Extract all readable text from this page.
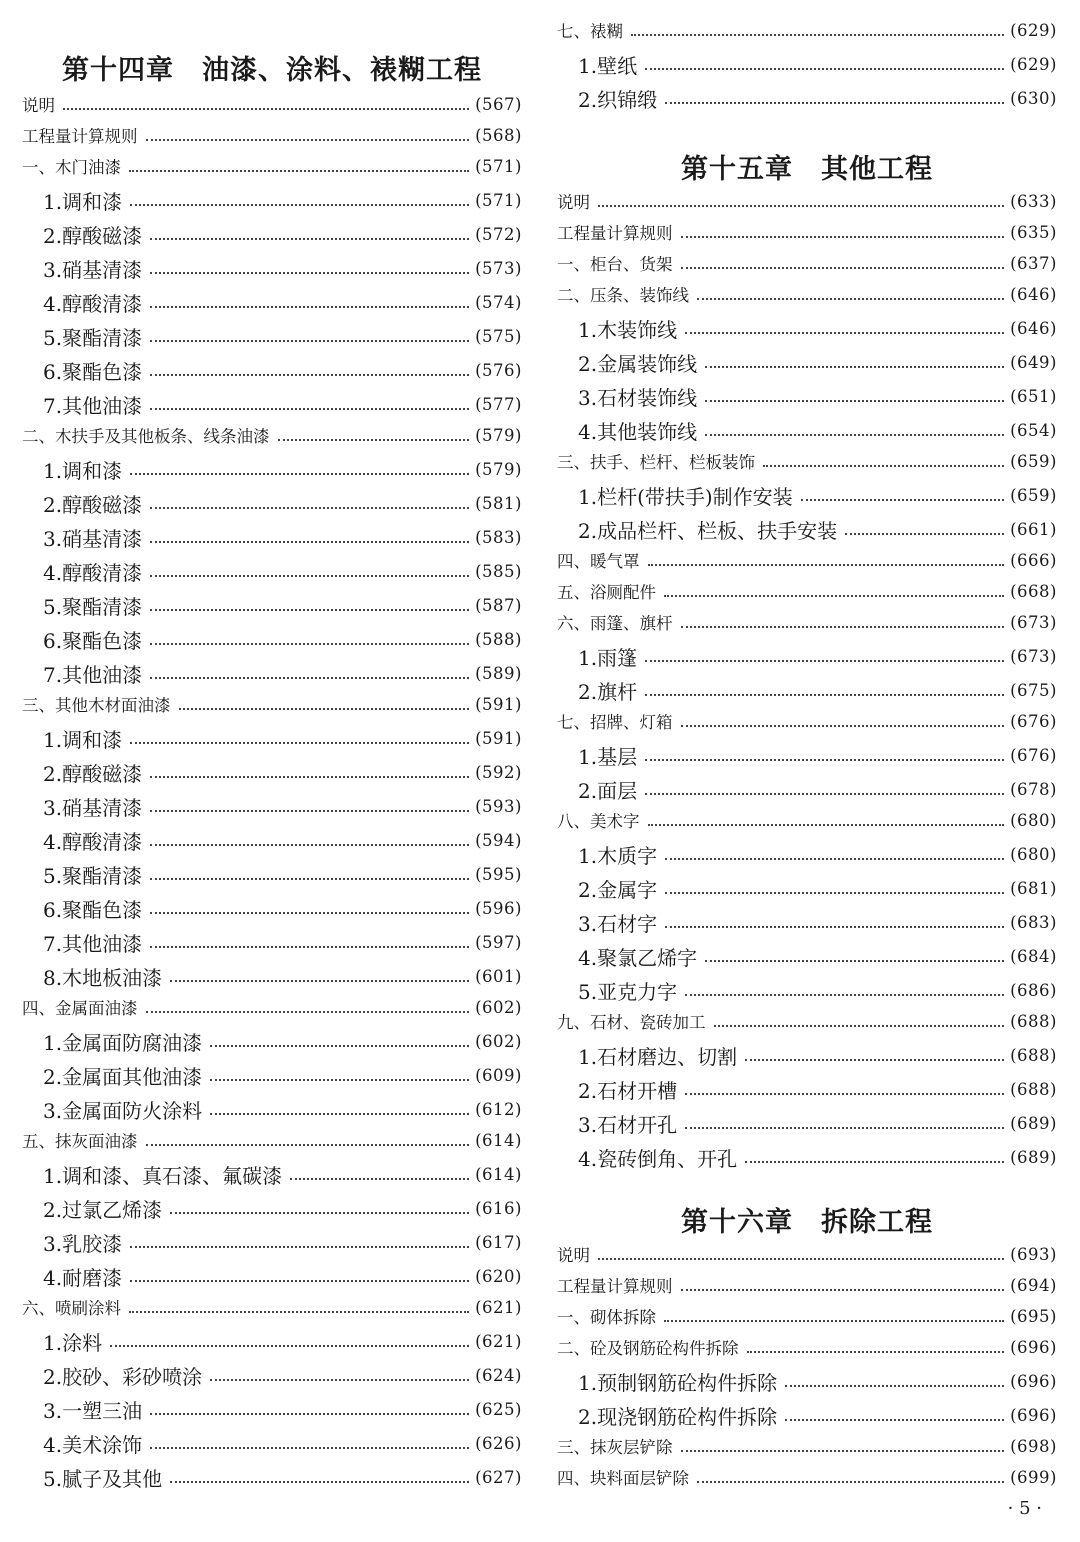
第十四章 油漆、涂料、裱糊工程
说明	(567)
工程量计算规则	(568)
一、木门油漆	(571)
1.调和漆	(571)
2.醇酸磁漆	(572)
3.硝基清漆	(573)
4.醇酸清漆	(574)
5.聚酯清漆	(575)
6.聚酯色漆	(576)
7.其他油漆	(577)
二、木扶手及其他板条、线条油漆	(579)
1.调和漆	(579)
2.醇酸磁漆	(581)
3.硝基清漆	(583)
4.醇酸清漆	(585)
5.聚酯清漆	(587)
6.聚酯色漆	(588)
7.其他油漆	(589)
三、其他木材面油漆	(591)
1.调和漆	(591)
2.醇酸磁漆	(592)
3.硝基清漆	(593)
4.醇酸清漆	(594)
5.聚酯清漆	(595)
6.聚酯色漆	(596)
7.其他油漆	(597)
8.木地板油漆	(601)
四、金属面油漆	(602)
1.金属面防腐油漆	(602)
2.金属面其他油漆	(609)
3.金属面防火涂料	(612)
五、抹灰面油漆	(614)
1.调和漆、真石漆、氟碳漆	(614)
2.过氯乙烯漆	(616)
3.乳胶漆	(617)
4.耐磨漆	(620)
六、喷刷涂料	(621)
1.涂料	(621)
2.胶砂、彩砂喷涂	(624)
3.一塑三油	(625)
4.美术涂饰	(626)
5.腻子及其他	(627)
第十五章 其他工程
第十六章 拆除工程
七、裱糊	(629)
1.壁纸	(629)
2.织锦缎	(630)
说明	(633)
工程量计算规则	(635)
一、柜台、货架	(637)
二、压条、装饰线	(646)
1.木装饰线	(646)
2.金属装饰线	(649)
3.石材装饰线	(651)
4.其他装饰线	(654)
三、扶手、栏杆、栏板装饰	(659)
1.栏杆(带扶手)制作安装	(659)
2.成品栏杆、栏板、扶手安装	(661)
四、暖气罩	(666)
五、浴厕配件	(668)
六、雨篷、旗杆	(673)
1.雨篷	(673)
2.旗杆	(675)
七、招牌、灯箱	(676)
1.基层	(676)
2.面层	(678)
八、美术字	(680)
1.木质字	(680)
2.金属字	(681)
3.石材字	(683)
4.聚氯乙烯字	(684)
5.亚克力字	(686)
九、石材、瓷砖加工	(688)
1.石材磨边、切割	(688)
2.石材开槽	(688)
3.石材开孔	(689)
4.瓷砖倒角、开孔	(689)
说明	(693)
工程量计算规则	(694)
一、砌体拆除	(695)
二、砼及钢筋砼构件拆除	(696)
1.预制钢筋砼构件拆除	(696)
2.现浇钢筋砼构件拆除	(696)
三、抹灰层铲除	(698)
四、块料面层铲除	(699)
· 5 ·
